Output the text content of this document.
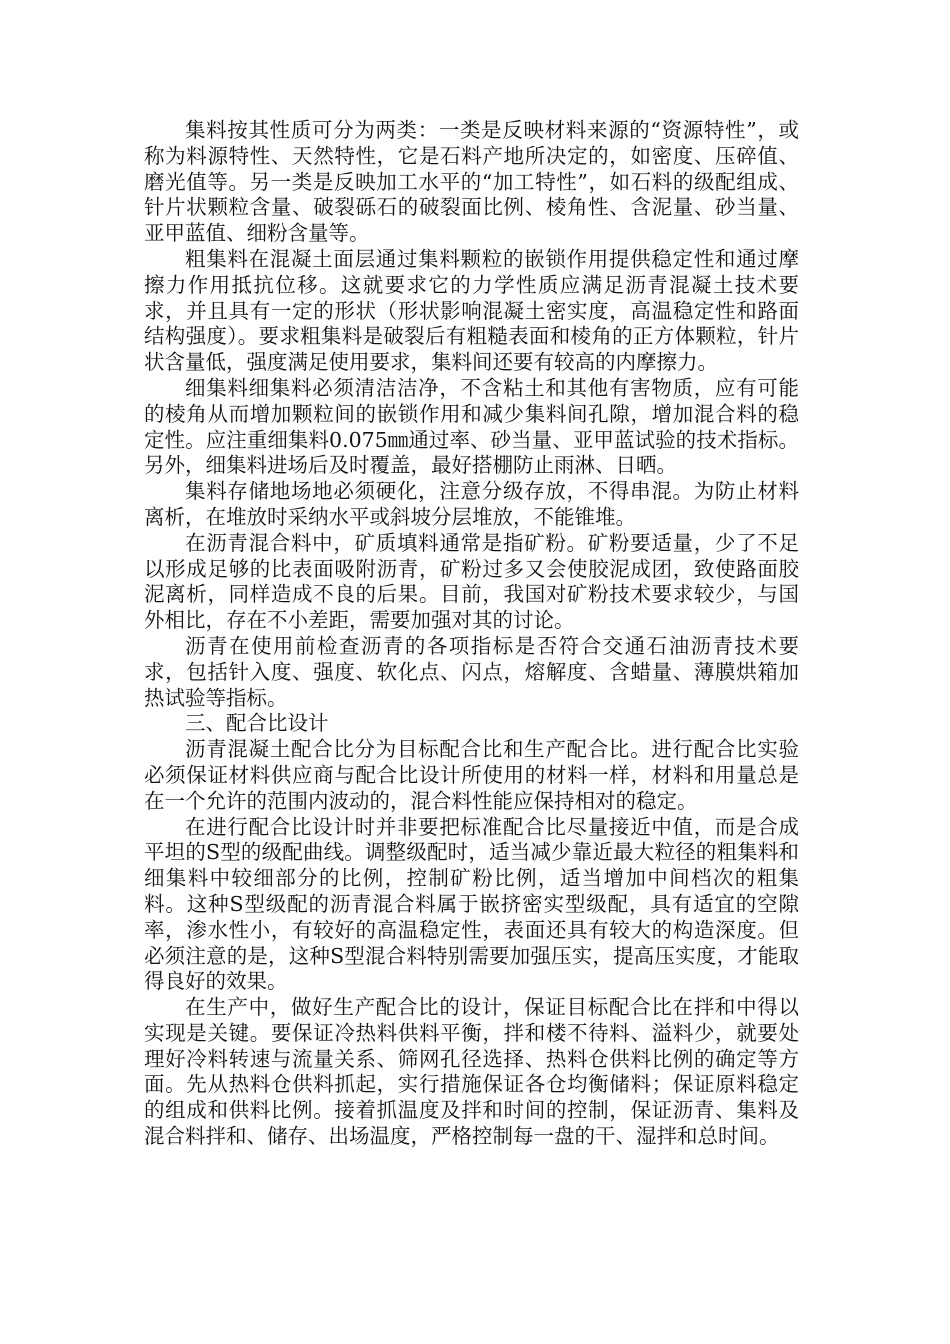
集料按其性质可分为两类：一类是反映材料来源的“资源特性”，或称为料源特性、天然特性，它是石料产地所决定的，如密度、压碎值、磨光值等。另一类是反映加工水平的“加工特性”，如石料的级配组成、针片状颗粒含量、破裂砾石的破裂面比例、棱角性、含泥量、砂当量、亚甲蓝值、细粉含量等。

粗集料在混凝土面层通过集料颗粒的嵌锁作用提供稳定性和通过摩擦力作用抵抗位移。这就要求它的力学性质应满足沥青混凝土技术要求，并且具有一定的形状（形状影响混凝土密实度，高温稳定性和路面结构强度）。要求粗集料是破裂后有粗糙表面和棱角的正方体颗粒，针片状含量低，强度满足使用要求，集料间还要有较高的内摩擦力。

细集料细集料必须清洁洁净，不含粘土和其他有害物质，应有可能的棱角从而增加颗粒间的嵌锁作用和减少集料间孔隙，增加混合料的稳定性。应注重细集料0.075㎜通过率、砂当量、亚甲蓝试验的技术指标。另外，细集料进场后及时覆盖，最好搭棚防止雨淋、日晒。

集料存储地场地必须硬化，注意分级存放，不得串混。为防止材料离析，在堆放时采纳水平或斜坡分层堆放，不能锥堆。

在沥青混合料中，矿质填料通常是指矿粉。矿粉要适量，少了不足以形成足够的比表面吸附沥青，矿粉过多又会使胶泥成团，致使路面胶泥离析，同样造成不良的后果。目前，我国对矿粉技术要求较少，与国外相比，存在不小差距，需要加强对其的讨论。

沥青在使用前检查沥青的各项指标是否符合交通石油沥青技术要求，包括针入度、强度、软化点、闪点，熔解度、含蜡量、薄膜烘箱加热试验等指标。

三、配合比设计

沥青混凝土配合比分为目标配合比和生产配合比。进行配合比实验必须保证材料供应商与配合比设计所使用的材料一样，材料和用量总是在一个允许的范围内波动的，混合料性能应保持相对的稳定。

在进行配合比设计时并非要把标准配合比尽量接近中值，而是合成平坦的S型的级配曲线。调整级配时，适当减少靠近最大粒径的粗集料和细集料中较细部分的比例，控制矿粉比例，适当增加中间档次的粗集料。这种S型级配的沥青混合料属于嵌挤密实型级配，具有适宜的空隙率，渗水性小，有较好的高温稳定性，表面还具有较大的构造深度。但必须注意的是，这种S型混合料特别需要加强压实，提高压实度，才能取得良好的效果。

在生产中，做好生产配合比的设计，保证目标配合比在拌和中得以实现是关键。要保证冷热料供料平衡，拌和楼不待料、溢料少，就要处理好冷料转速与流量关系、筛网孔径选择、热料仓供料比例的确定等方面。先从热料仓供料抓起，实行措施保证各仓均衡储料；保证原料稳定的组成和供料比例。接着抓温度及拌和时间的控制，保证沥青、集料及混合料拌和、储存、出场温度，严格控制每一盘的干、湿拌和总时间。
